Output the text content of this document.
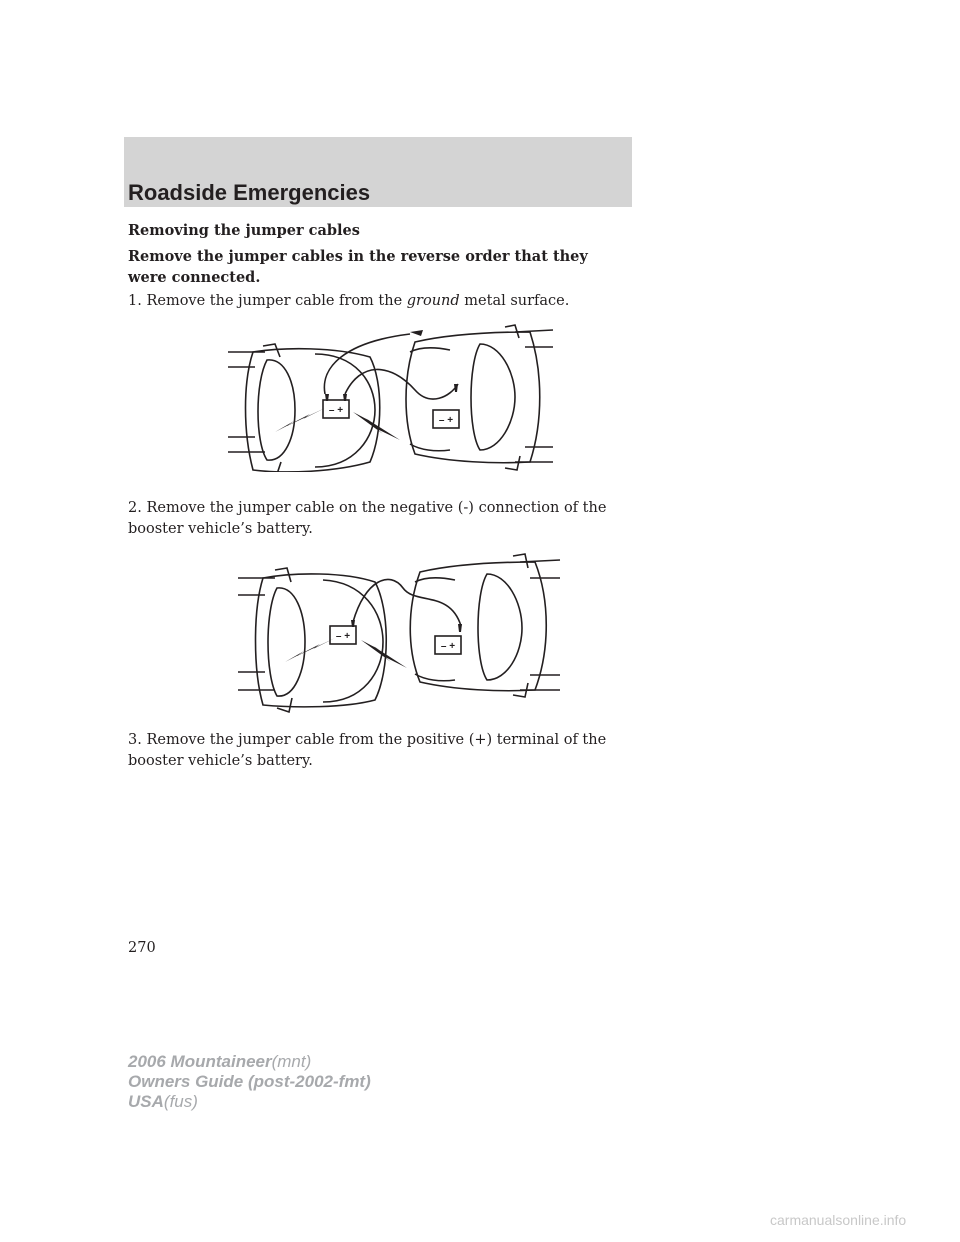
Roadside Emergencies

Removing the jumper cables

Remove the jumper cables in the reverse order that they were connected.

1. Remove the jumper cable from the ground metal surface.

– +
– +

2. Remove the jumper cable on the negative (-) connection of the booster vehicle’s battery.

– +
– +

3. Remove the jumper cable from the positive (+) terminal of the booster vehicle’s battery.

270
2006 Mountaineer(mnt)
Owners Guide (post-2002-fmt)
USA(fus)
carmanualsonline.info
